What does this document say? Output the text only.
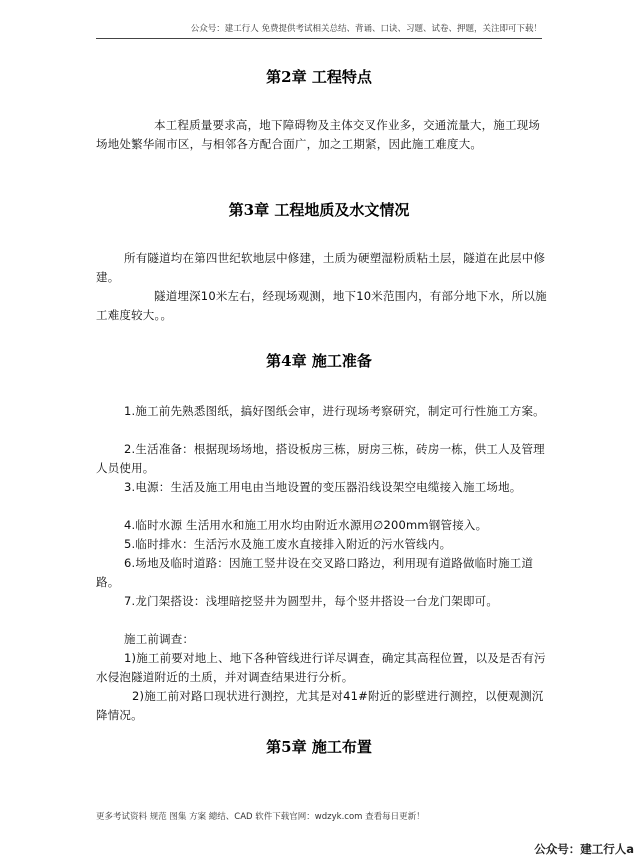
公众号：建工行人 免费提供考试相关总结、背诵、口诀、习题、试卷、押题，关注即可下载！
第2章 工程特点

本工程质量要求高，地下障碍物及主体交叉作业多，交通流量大，施工现场场地处繁华闹市区，与相邻各方配合面广，加之工期紧，因此施工难度大。

第3章 工程地质及水文情况

所有隧道均在第四世纪软地层中修建，土质为硬塑湿粉质粘土层，隧道在此层中修建。

隧道埋深10米左右，经现场观测，地下10米范围内，有部分地下水，所以施工难度较大。。

第4章 施工准备

1.施工前先熟悉图纸，搞好图纸会审，进行现场考察研究，制定可行性施工方案。

2.生活准备：根据现场场地，搭设板房三栋，厨房三栋，砖房一栋，供工人及管理人员使用。

3.电源：生活及施工用电由当地设置的变压器沿线设架空电缆接入施工场地。

4.临时水源 生活用水和施工用水均由附近水源用∅200mm钢管接入。

5.临时排水：生活污水及施工废水直接排入附近的污水管线内。

6.场地及临时道路：因施工竖井设在交叉路口路边，利用现有道路做临时施工道路。

7.龙门架搭设：浅埋暗挖竖井为圆型井，每个竖井搭设一台龙门架即可。

施工前调查：

1)施工前要对地上、地下各种管线进行详尽调查，确定其高程位置，以及是否有污水侵泡隧道附近的土质，并对调查结果进行分析。

2)施工前对路口现状进行测控，尤其是对41#附近的影壁进行测控，以便观测沉降情况。

第5章 施工布置
更多考试资料 规范 图集 方案 總结、CAD 软件下载官网：wdzyk.com 查看每日更新！
公众号：建工行人a
